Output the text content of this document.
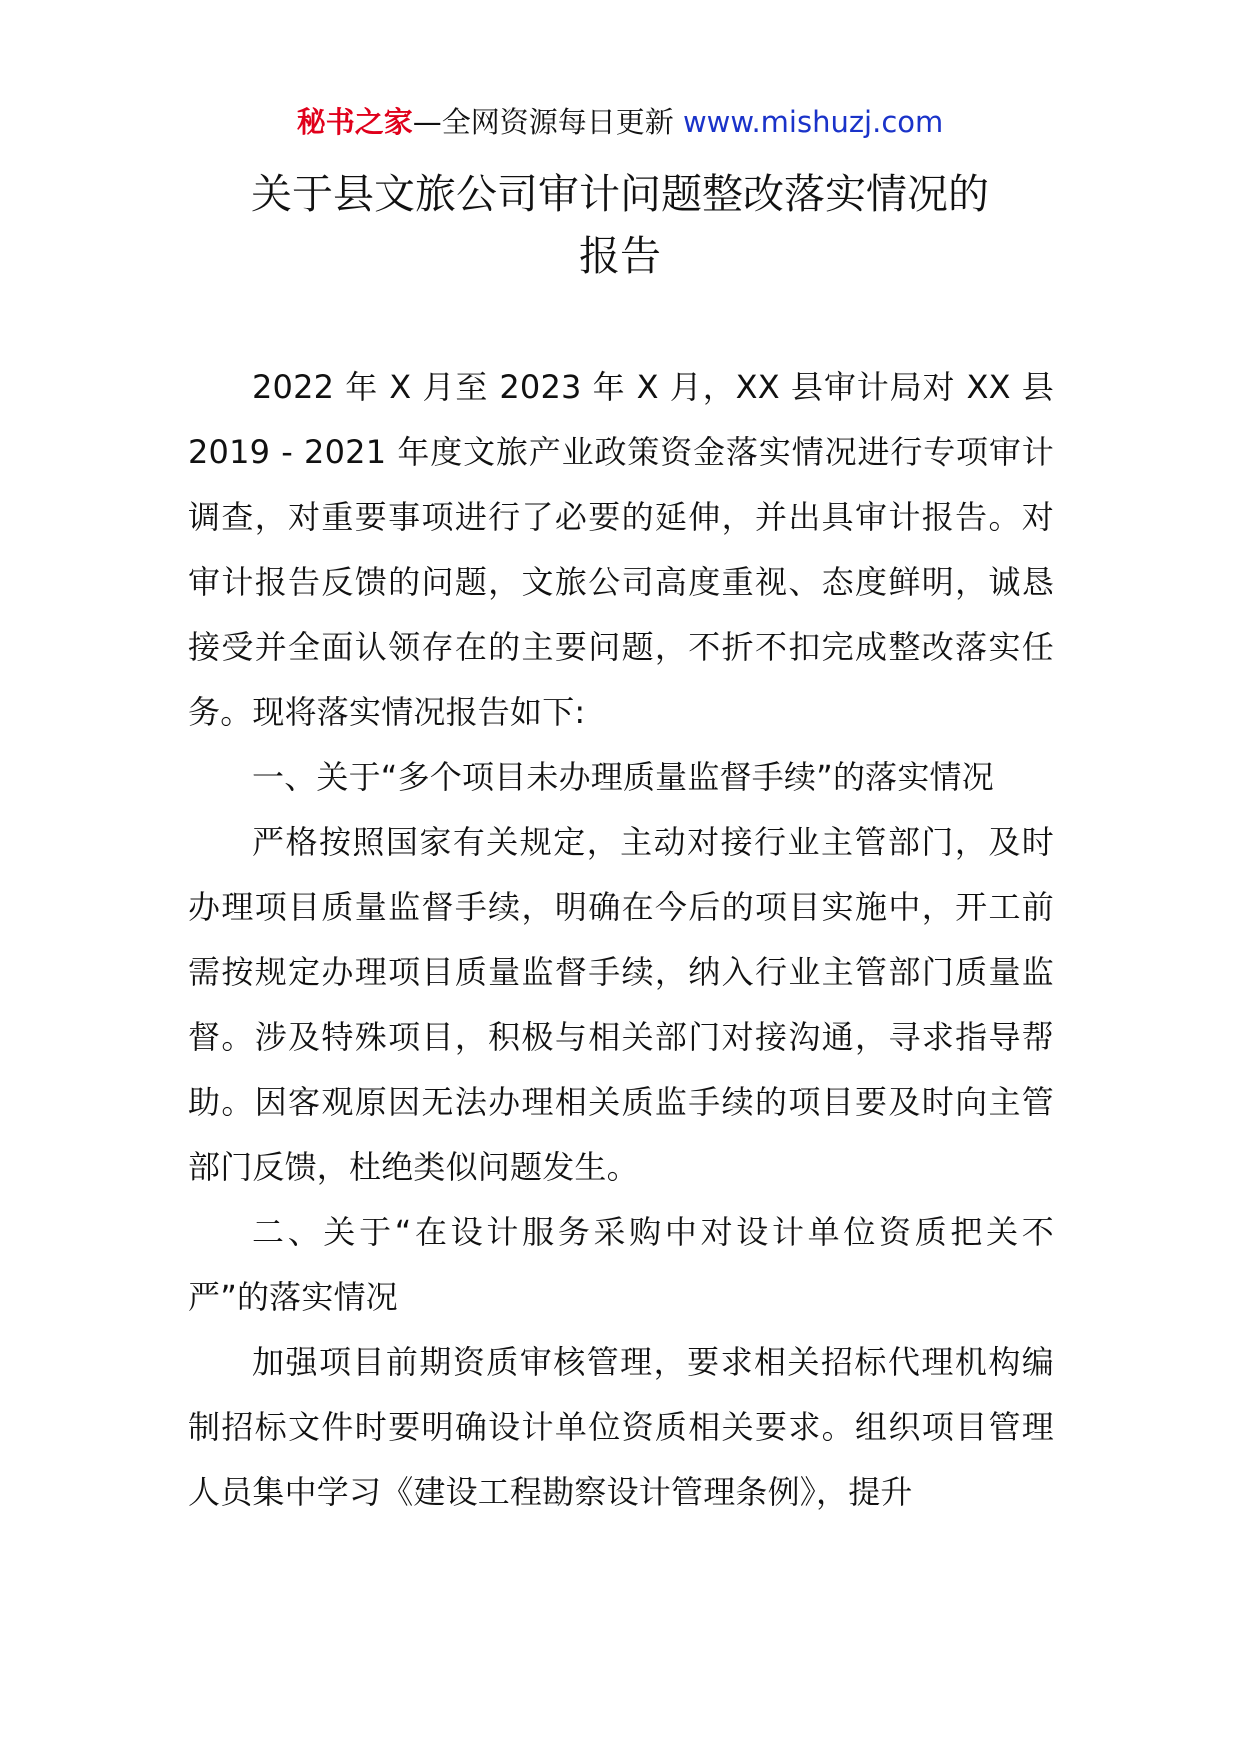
秘书之家—全网资源每日更新 www.mishuzj.com
关于县文旅公司审计问题整改落实情况的
报告

2022 年 X 月至 2023 年 X 月，XX 县审计局对 XX 县 2019 - 2021 年度文旅产业政策资金落实情况进行专项审计调查，对重要事项进行了必要的延伸，并出具审计报告。对审计报告反馈的问题，文旅公司高度重视、态度鲜明，诚恳接受并全面认领存在的主要问题，不折不扣完成整改落实任务。现将落实情况报告如下:

一、关于“多个项目未办理质量监督手续”的落实情况

严格按照国家有关规定，主动对接行业主管部门，及时办理项目质量监督手续，明确在今后的项目实施中，开工前需按规定办理项目质量监督手续，纳入行业主管部门质量监督。涉及特殊项目，积极与相关部门对接沟通，寻求指导帮助。因客观原因无法办理相关质监手续的项目要及时向主管部门反馈，杜绝类似问题发生。

二、关于“在设计服务采购中对设计单位资质把关不严”的落实情况

加强项目前期资质审核管理，要求相关招标代理机构编制招标文件时要明确设计单位资质相关要求。组织项目管理人员集中学习《建设工程勘察设计管理条例》，提升
